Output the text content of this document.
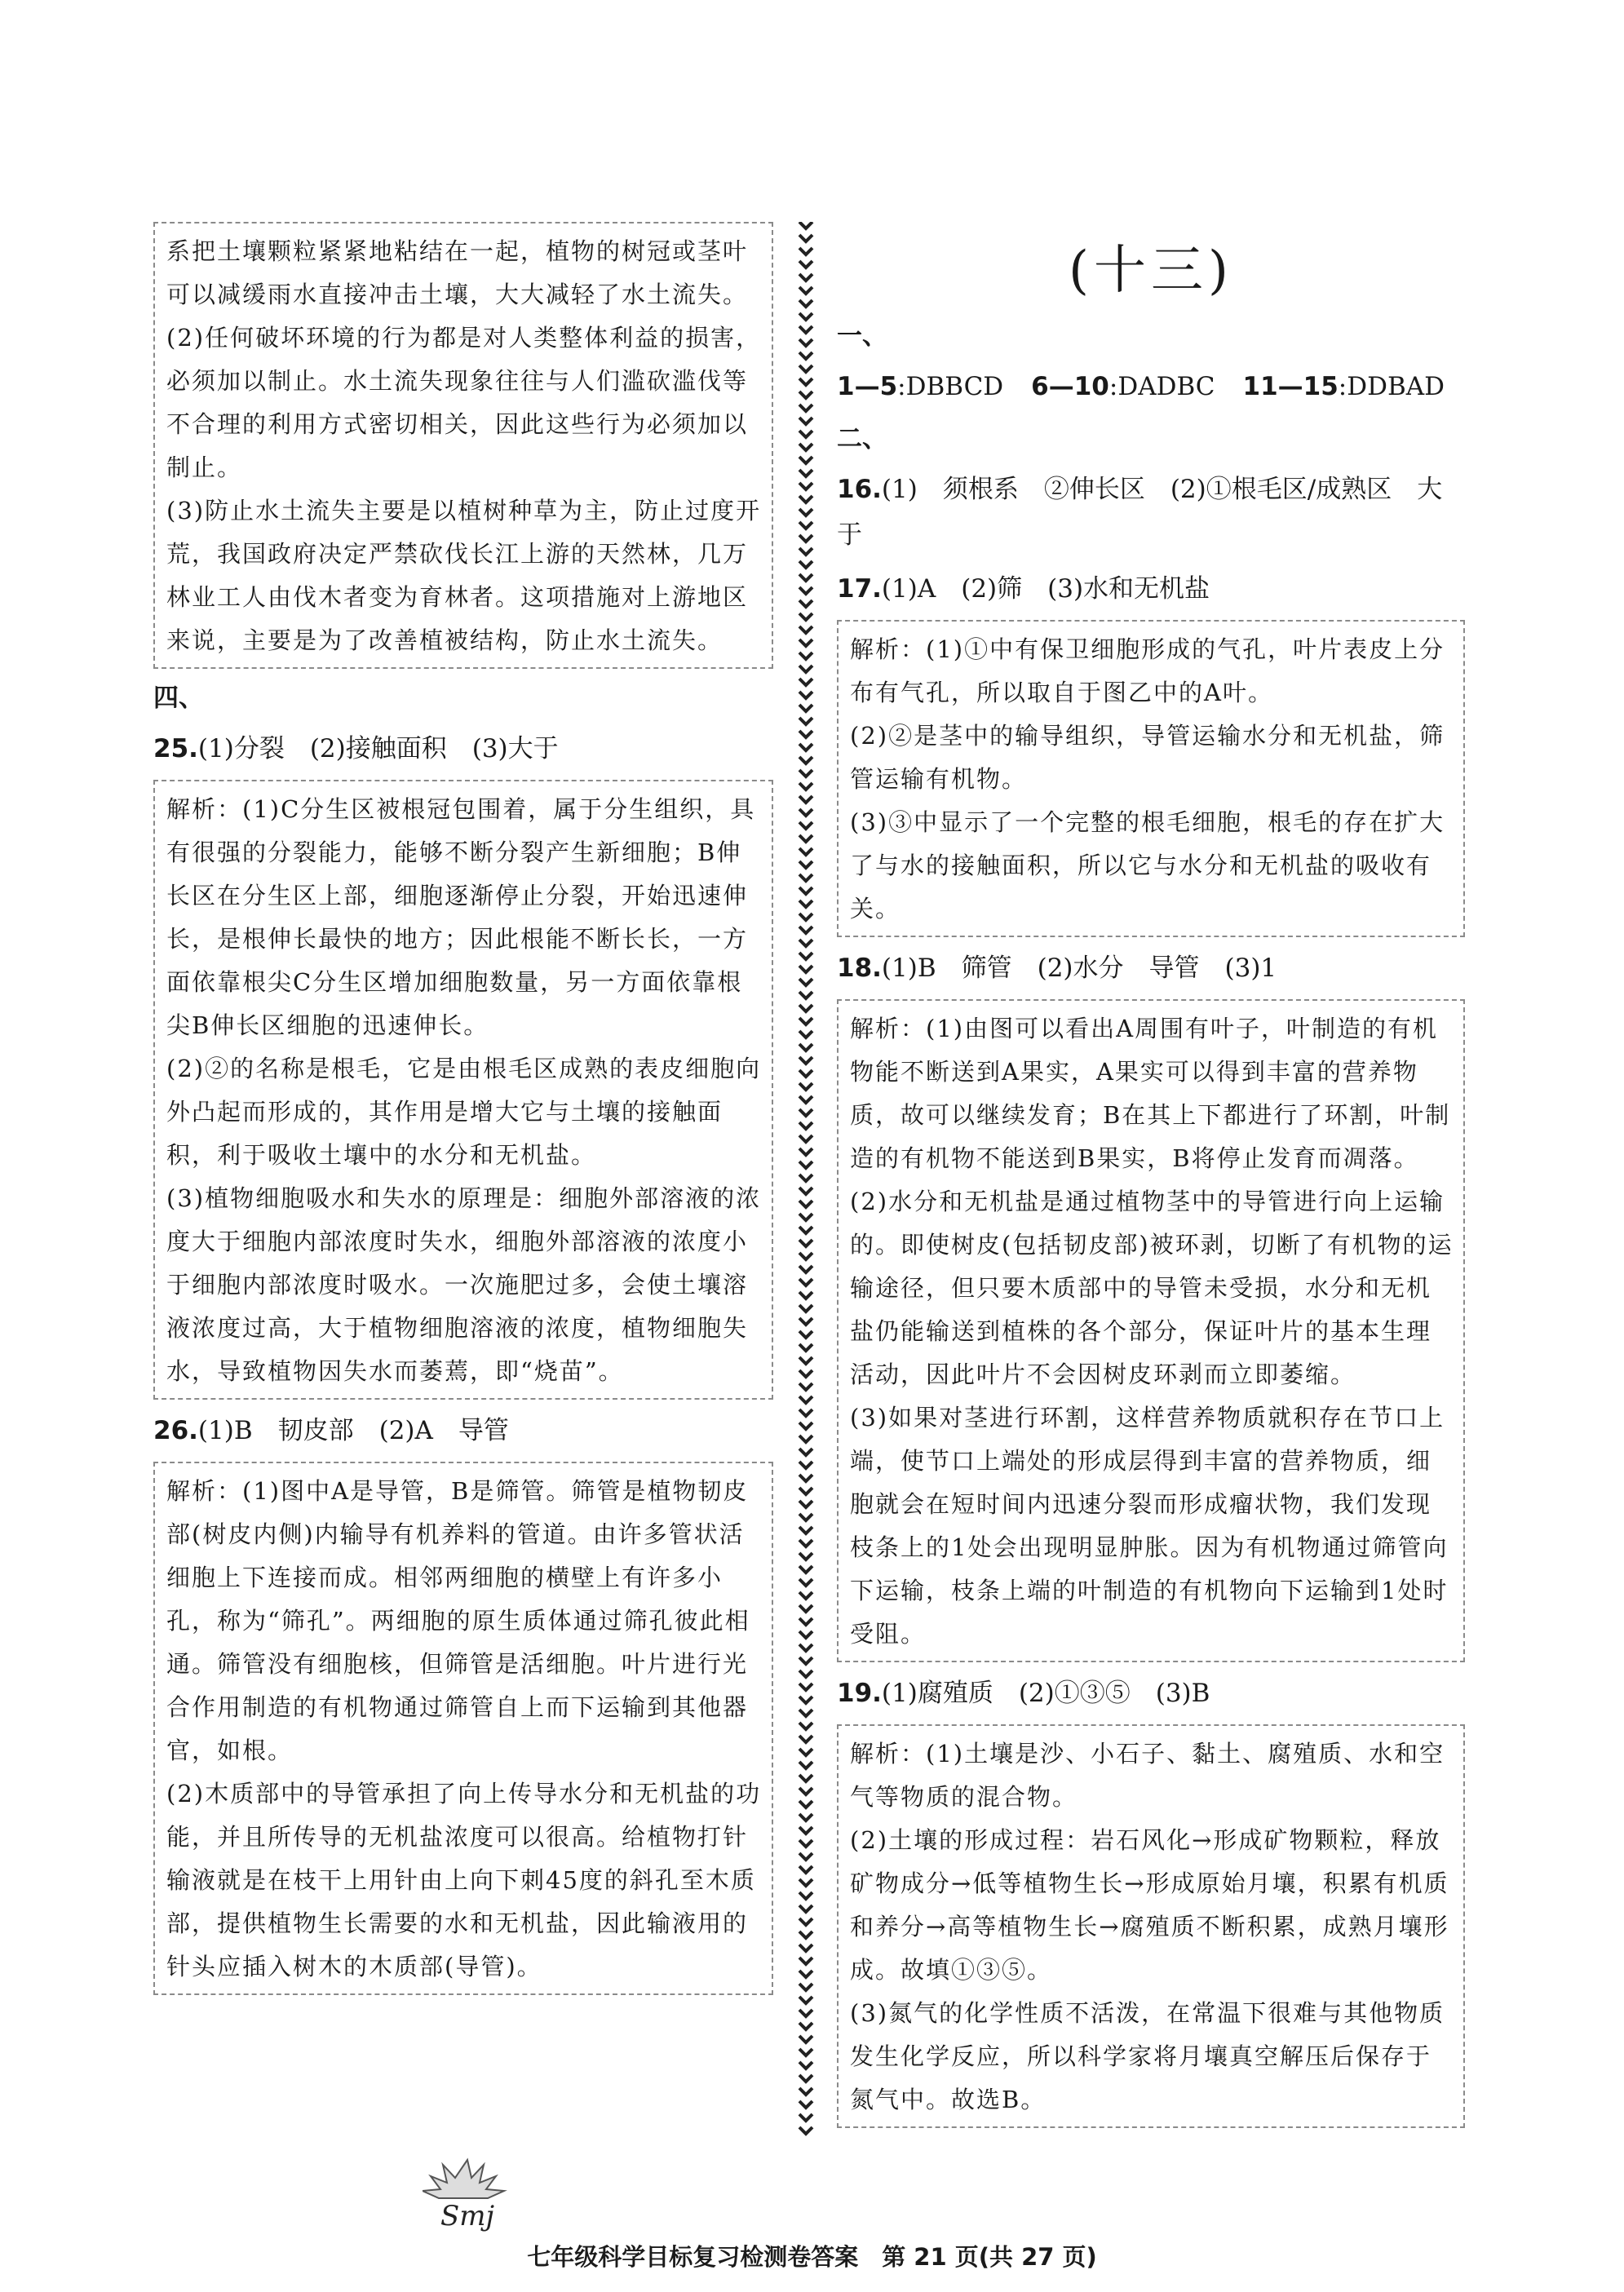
系把土壤颗粒紧紧地粘结在一起，植物的树冠或茎叶可以减缓雨水直接冲击土壤，大大减轻了水土流失。

(2)任何破坏环境的行为都是对人类整体利益的损害，必须加以制止。水土流失现象往往与人们滥砍滥伐等不合理的利用方式密切相关，因此这些行为必须加以制止。

(3)防止水土流失主要是以植树种草为主，防止过度开荒，我国政府决定严禁砍伐长江上游的天然林，几万林业工人由伐木者变为育林者。这项措施对上游地区来说，主要是为了改善植被结构，防止水土流失。

四、
25.(1)分裂　(2)接触面积　(3)大于

解析：(1)C分生区被根冠包围着，属于分生组织，具有很强的分裂能力，能够不断分裂产生新细胞；B伸长区在分生区上部，细胞逐渐停止分裂，开始迅速伸长，是根伸长最快的地方；因此根能不断长长，一方面依靠根尖C分生区增加细胞数量，另一方面依靠根尖B伸长区细胞的迅速伸长。

(2)②的名称是根毛，它是由根毛区成熟的表皮细胞向外凸起而形成的，其作用是增大它与土壤的接触面积，利于吸收土壤中的水分和无机盐。

(3)植物细胞吸水和失水的原理是：细胞外部溶液的浓度大于细胞内部浓度时失水，细胞外部溶液的浓度小于细胞内部浓度时吸水。一次施肥过多，会使土壤溶液浓度过高，大于植物细胞溶液的浓度，植物细胞失水，导致植物因失水而萎蔫，即“烧苗”。

26.(1)B　韧皮部　(2)A　导管

解析：(1)图中A是导管，B是筛管。筛管是植物韧皮部(树皮内侧)内输导有机养料的管道。由许多管状活细胞上下连接而成。相邻两细胞的横壁上有许多小孔，称为“筛孔”。两细胞的原生质体通过筛孔彼此相通。筛管没有细胞核，但筛管是活细胞。叶片进行光合作用制造的有机物通过筛管自上而下运输到其他器官，如根。

(2)木质部中的导管承担了向上传导水分和无机盐的功能，并且所传导的无机盐浓度可以很高。给植物打针输液就是在枝干上用针由上向下刺45度的斜孔至木质部，提供植物生长需要的水和无机盐，因此输液用的针头应插入树木的木质部(导管)。

(十三)
一、
1—5:DBBCD 6—10:DADBC 11—15:DDBAD
二、
16.(1)　须根系　②伸长区　(2)①根毛区/成熟区　大于
17.(1)A　(2)筛　(3)水和无机盐

解析：(1)①中有保卫细胞形成的气孔，叶片表皮上分布有气孔，所以取自于图乙中的A叶。

(2)②是茎中的输导组织，导管运输水分和无机盐，筛管运输有机物。

(3)③中显示了一个完整的根毛细胞，根毛的存在扩大了与水的接触面积，所以它与水分和无机盐的吸收有关。

18.(1)B　筛管　(2)水分　导管　(3)1

解析：(1)由图可以看出A周围有叶子，叶制造的有机物能不断送到A果实，A果实可以得到丰富的营养物质，故可以继续发育；B在其上下都进行了环割，叶制造的有机物不能送到B果实，B将停止发育而凋落。

(2)水分和无机盐是通过植物茎中的导管进行向上运输的。即使树皮(包括韧皮部)被环剥，切断了有机物的运输途径，但只要木质部中的导管未受损，水分和无机盐仍能输送到植株的各个部分，保证叶片的基本生理活动，因此叶片不会因树皮环剥而立即萎缩。

(3)如果对茎进行环割，这样营养物质就积存在节口上端，使节口上端处的形成层得到丰富的营养物质，细胞就会在短时间内迅速分裂而形成瘤状物，我们发现枝条上的1处会出现明显肿胀。因为有机物通过筛管向下运输，枝条上端的叶制造的有机物向下运输到1处时受阻。

19.(1)腐殖质　(2)①③⑤　(3)B

解析：(1)土壤是沙、小石子、黏土、腐殖质、水和空气等物质的混合物。

(2)土壤的形成过程：岩石风化→形成矿物颗粒，释放矿物成分→低等植物生长→形成原始月壤，积累有机质和养分→高等植物生长→腐殖质不断积累，成熟月壤形成。故填①③⑤。

(3)氮气的化学性质不活泼，在常温下很难与其他物质发生化学反应，所以科学家将月壤真空解压后保存于氮气中。故选B。

Smj
七年级科学目标复习检测卷答案　第 21 页(共 27 页)
